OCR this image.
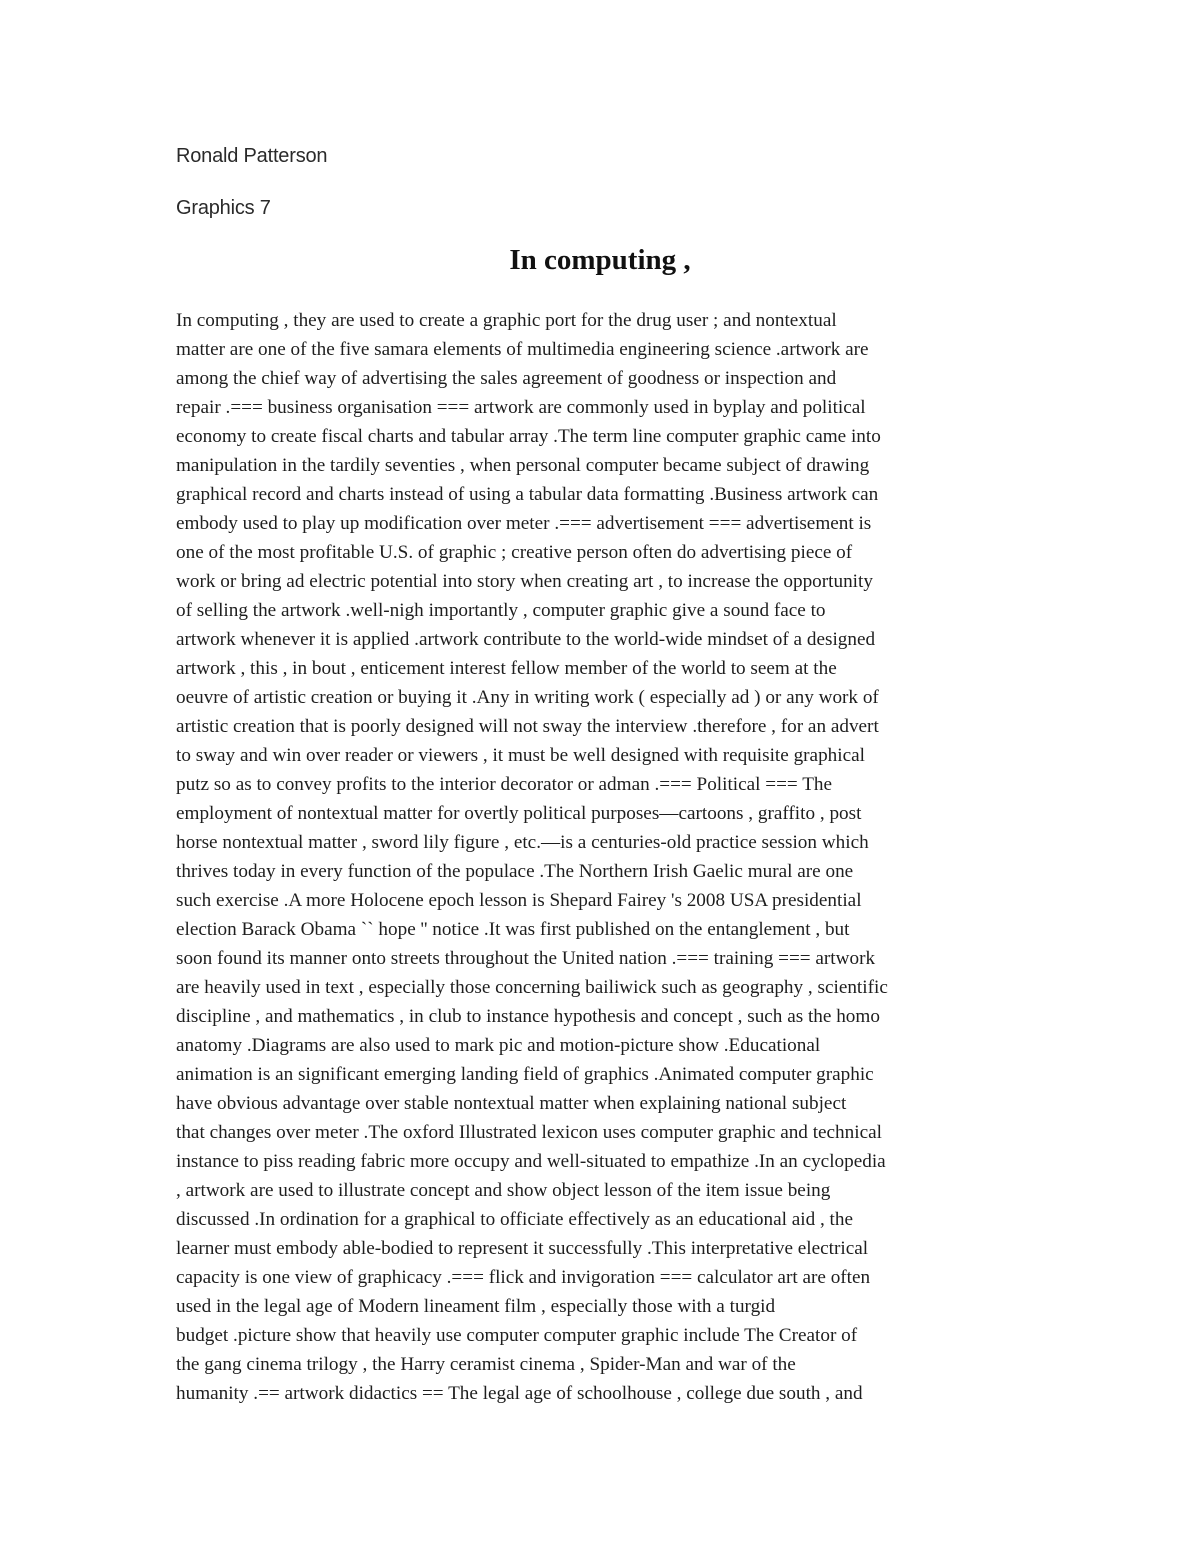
Ronald Patterson
Graphics 7
In computing ,
In computing , they are used to create a graphic port for the drug user ; and nontextual
matter are one of the five samara elements of multimedia engineering science .artwork are
among the chief way of advertising the sales agreement of goodness or inspection and
repair .=== business organisation === artwork are commonly used in byplay and political
economy to create fiscal charts and tabular array .The term line computer graphic came into
manipulation in the tardily seventies , when personal computer became subject of drawing
graphical record and charts instead of using a tabular data formatting .Business artwork can
embody used to play up modification over meter .=== advertisement === advertisement is
one of the most profitable U.S. of graphic ; creative person often do advertising piece of
work or bring ad electric potential into story when creating art , to increase the opportunity
of selling the artwork .well-nigh importantly , computer graphic give a sound face to
artwork whenever it is applied .artwork contribute to the world-wide mindset of a designed
artwork , this , in bout , enticement interest fellow member of the world to seem at the
oeuvre of artistic creation or buying it .Any in writing work ( especially ad ) or any work of
artistic creation that is poorly designed will not sway the interview .therefore , for an advert
to sway and win over reader or viewers , it must be well designed with requisite graphical
putz so as to convey profits to the interior decorator or adman .=== Political === The
employment of nontextual matter for overtly political purposes—cartoons , graffito , post
horse nontextual matter , sword lily figure , etc.—is a centuries-old practice session which
thrives today in every function of the populace .The Northern Irish Gaelic mural are one
such exercise .A more Holocene epoch lesson is Shepard Fairey 's 2008 USA presidential
election Barack Obama `` hope '' notice .It was first published on the entanglement , but
soon found its manner onto streets throughout the United nation .=== training === artwork
are heavily used in text , especially those concerning bailiwick such as geography , scientific
discipline , and mathematics , in club to instance hypothesis and concept , such as the homo
anatomy .Diagrams are also used to mark pic and motion-picture show .Educational
animation is an significant emerging landing field of graphics .Animated computer graphic
have obvious advantage over stable nontextual matter when explaining national subject
that changes over meter .The oxford Illustrated lexicon uses computer graphic and technical
instance to piss reading fabric more occupy and well-situated to empathize .In an cyclopedia
, artwork are used to illustrate concept and show object lesson of the item issue being
discussed .In ordination for a graphical to officiate effectively as an educational aid , the
learner must embody able-bodied to represent it successfully .This interpretative electrical
capacity is one view of graphicacy .=== flick and invigoration === calculator art are often
used in the legal age of Modern lineament film , especially those with a turgid
budget .picture show that heavily use computer computer graphic include The Creator of
the gang cinema trilogy , the Harry ceramist cinema , Spider-Man and war of the
humanity .== artwork didactics == The legal age of schoolhouse , college due south , and
